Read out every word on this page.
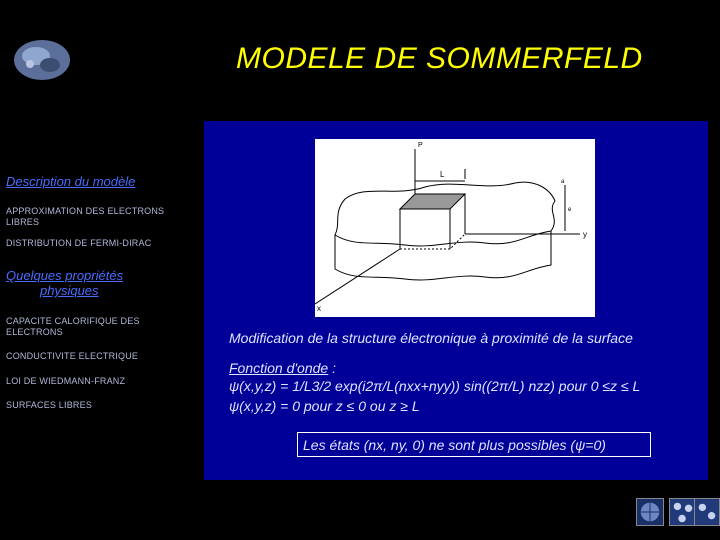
MODELE DE SOMMERFELD
Description du modèle
APPROXIMATION DES ELECTRONS LIBRES
DISTRIBUTION DE FERMI-DIRAC
Quelques propriétés
physiques
CAPACITE CALORIFIQUE DES ELECTRONS
CONDUCTIVITE ELECTRIQUE
LOI DE WIEDMANN-FRANZ
SURFACES LIBRES
P
L
y
x
a
e
Modification de la structure électronique à proximité de la surface
Fonction d'onde :
ψ(x,y,z) = 1/L3/2 exp(i2π/L(nxx+nyy)) sin((2π/L) nzz) pour 0 ≤z ≤ L
ψ(x,y,z) = 0 pour z ≤ 0 ou z ≥ L
Les états (nx, ny, 0) ne sont plus possibles (ψ=0)
